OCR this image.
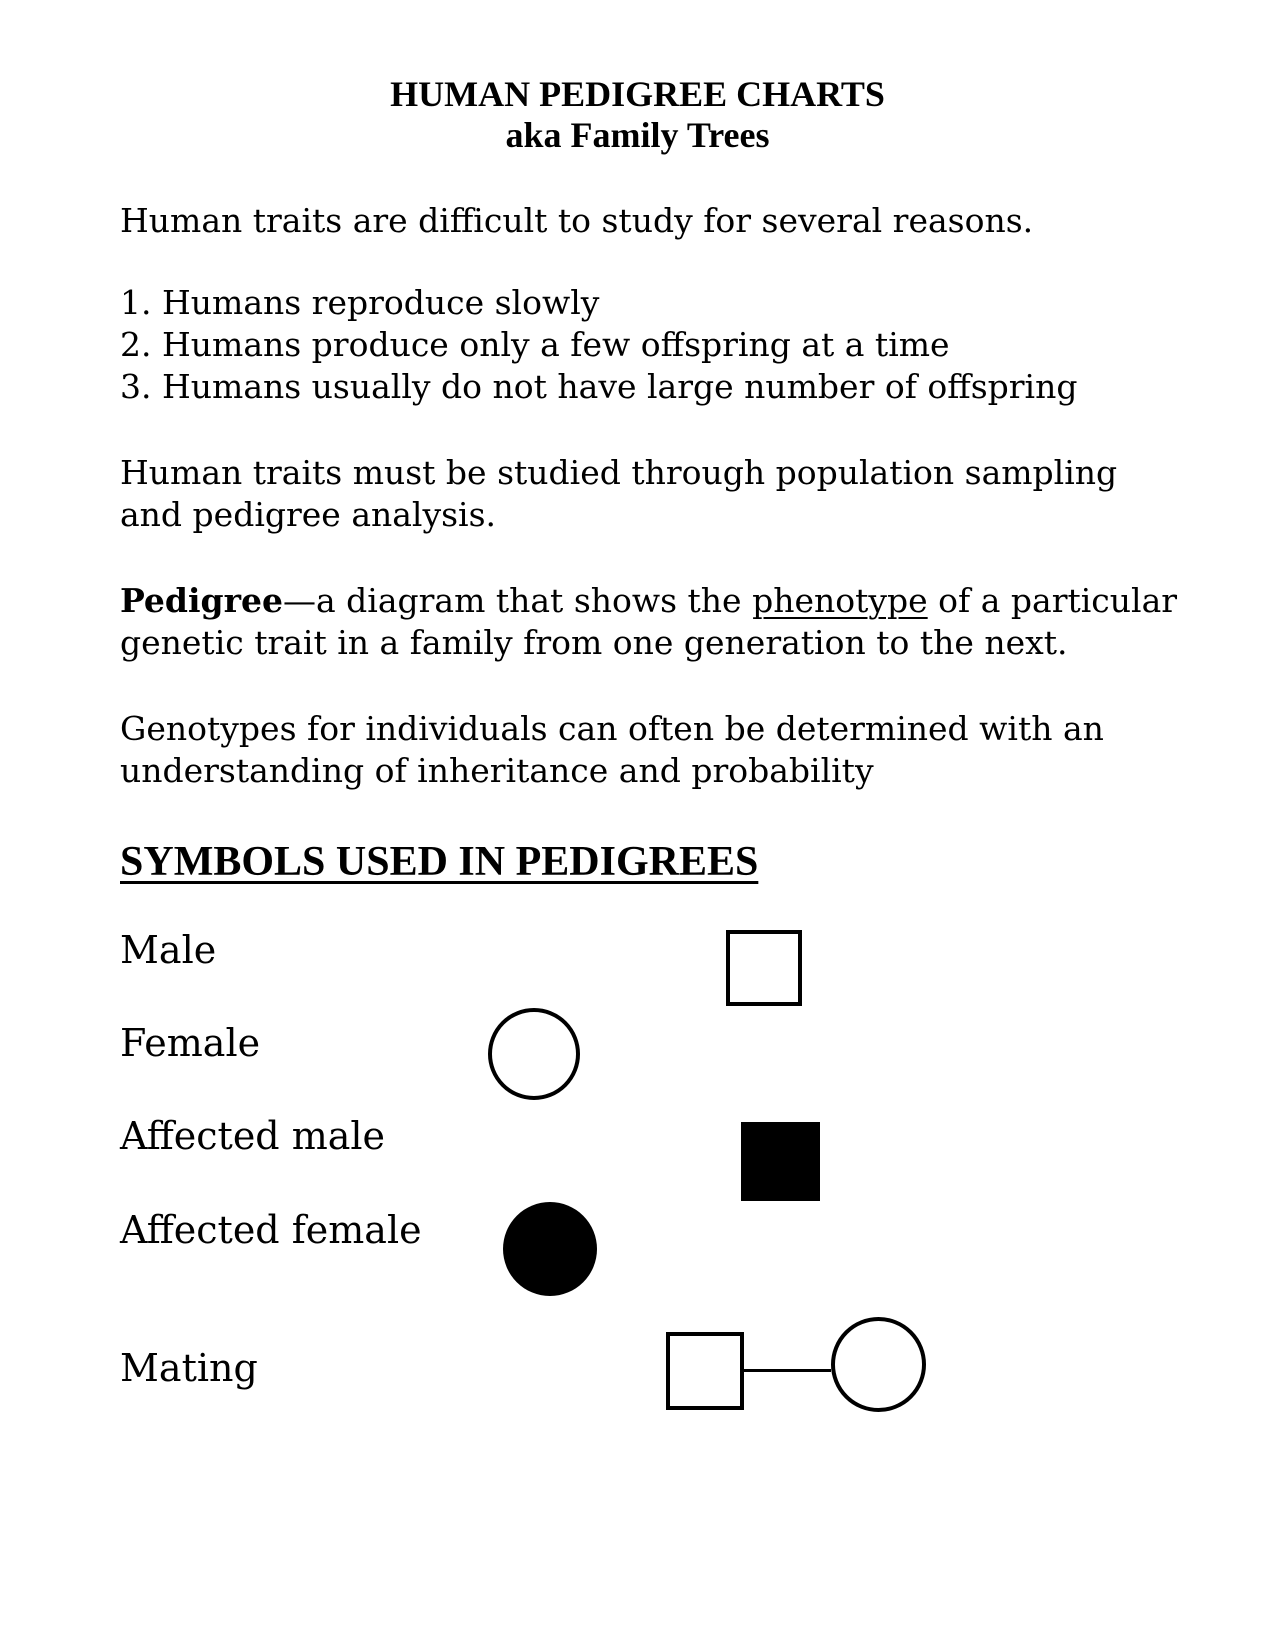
HUMAN PEDIGREE CHARTS
aka Family Trees

Human traits are difficult to study for several reasons.

1. Humans reproduce slowly
2. Humans produce only a few offspring at a time
3. Humans usually do not have large number of offspring

Human traits must be studied through population sampling and pedigree analysis.

Pedigree—a diagram that shows the phenotype of a particular genetic trait in a family from one generation to the next.

Genotypes for individuals can often be determined with an understanding of inheritance and probability

SYMBOLS USED IN PEDIGREES

Male

Female

Affected male

Affected female

Mating
